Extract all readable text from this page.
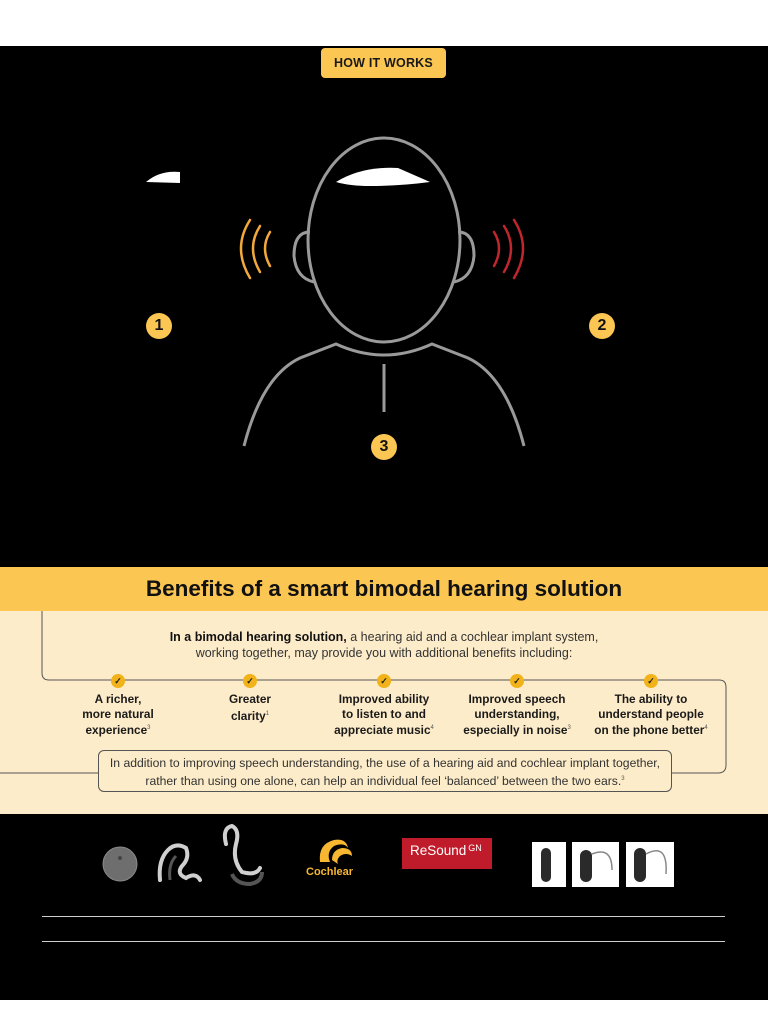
HOW IT WORKS
1	2
3
Benefits of a smart bimodal hearing solution
In a bimodal hearing solution, a hearing aid and a cochlear implant system,
working together, may provide you with additional benefits including:
✓
A richer,
more natural
experience$^3$
✓
Greater
clarity$^1$
✓
Improved ability
to listen to and
appreciate music$^4$
✓
Improved speech
understanding,
especially in noise$^3$
✓
The ability to
understand people
on the phone better$^4$
In addition to improving speech understanding, the use of a hearing aid and cochlear implant together,
rather than using one alone, can help an individual feel ‘balanced’ between the two ears.$^3$
Cochlear
ReSound GN
